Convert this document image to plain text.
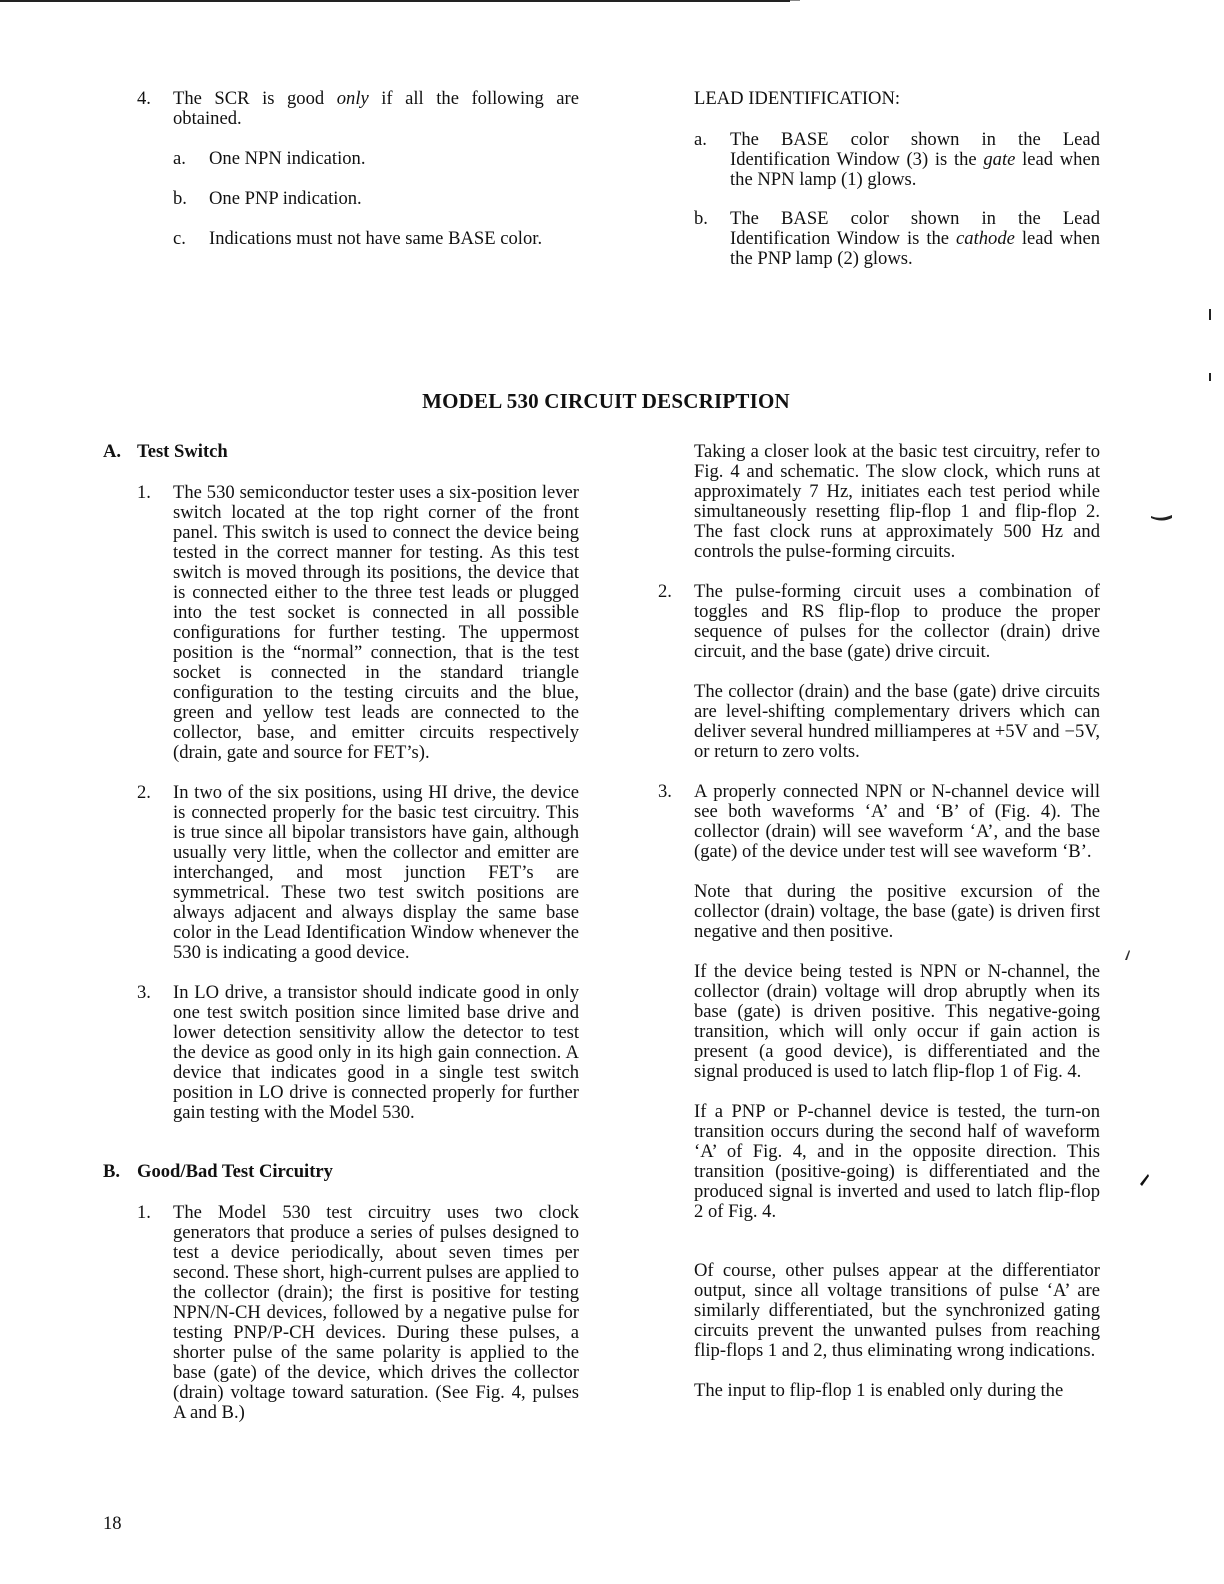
4. The SCR is good only if all the following are obtained.

a. One NPN indication.
b. One PNP indication.
c. Indications must not have same BASE color.
LEAD IDENTIFICATION:
a. The BASE color shown in the Lead Identification Window (3) is the gate lead when the NPN lamp (1) glows.
b. The BASE color shown in the Lead Identification Window is the cathode lead when the PNP lamp (2) glows.
MODEL 530 CIRCUIT DESCRIPTION
A. Test Switch
1. The 530 semiconductor tester uses a six-position lever switch located at the top right corner of the front panel. This switch is used to connect the device being tested in the correct manner for testing. As this test switch is moved through its positions, the device that is connected either to the three test leads or plugged into the test socket is connected in all possible configurations for further testing. The uppermost position is the “normal” connection, that is the test socket is connected in the standard triangle configuration to the testing circuits and the blue, green and yellow test leads are connected to the collector, base, and emitter circuits respectively (drain, gate and source for FET’s).

2. In two of the six positions, using HI drive, the device is connected properly for the basic test circuitry. This is true since all bipolar transistors have gain, although usually very little, when the collector and emitter are interchanged, and most junction FET’s are symmetrical. These two test switch positions are always adjacent and always display the same base color in the Lead Identification Window whenever the 530 is indicating a good device.

3. In LO drive, a transistor should indicate good in only one test switch position since limited base drive and lower detection sensitivity allow the detector to test the device as good only in its high gain connection. A device that indicates good in a single test switch position in LO drive is connected properly for further gain testing with the Model 530.

B. Good/Bad Test Circuitry
1. The Model 530 test circuitry uses two clock generators that produce a series of pulses designed to test a device periodically, about seven times per second. These short, high-current pulses are applied to the collector (drain); the first is positive for testing NPN/N-CH devices, followed by a negative pulse for testing PNP/P-CH devices. During these pulses, a shorter pulse of the same polarity is applied to the base (gate) of the device, which drives the collector (drain) voltage toward saturation. (See Fig. 4, pulses A and B.)

Taking a closer look at the basic test circuitry, refer to Fig. 4 and schematic. The slow clock, which runs at approximately 7 Hz, initiates each test period while simultaneously resetting flip-flop 1 and flip-flop 2. The fast clock runs at approximately 500 Hz and controls the pulse-forming circuits.

2. The pulse-forming circuit uses a combination of toggles and RS flip-flop to produce the proper sequence of pulses for the collector (drain) drive circuit, and the base (gate) drive circuit.

The collector (drain) and the base (gate) drive circuits are level-shifting complementary drivers which can deliver several hundred milliamperes at +5V and −5V, or return to zero volts.

3. A properly connected NPN or N-channel device will see both waveforms ‘A’ and ‘B’ of (Fig. 4). The collector (drain) will see waveform ‘A’, and the base (gate) of the device under test will see waveform ‘B’.

Note that during the positive excursion of the collector (drain) voltage, the base (gate) is driven first negative and then positive.

If the device being tested is NPN or N-channel, the collector (drain) voltage will drop abruptly when its base (gate) is driven positive. This negative-going transition, which will only occur if gain action is present (a good device), is differentiated and the signal produced is used to latch flip-flop 1 of Fig. 4.

If a PNP or P-channel device is tested, the turn-on transition occurs during the second half of waveform ‘A’ of Fig. 4, and in the opposite direction. This transition (positive-going) is differentiated and the produced signal is inverted and used to latch flip-flop 2 of Fig. 4.

Of course, other pulses appear at the differentiator output, since all voltage transitions of pulse ‘A’ are similarly differentiated, but the synchronized gating circuits prevent the unwanted pulses from reaching flip-flops 1 and 2, thus eliminating wrong indications.

The input to flip-flop 1 is enabled only during the

18
